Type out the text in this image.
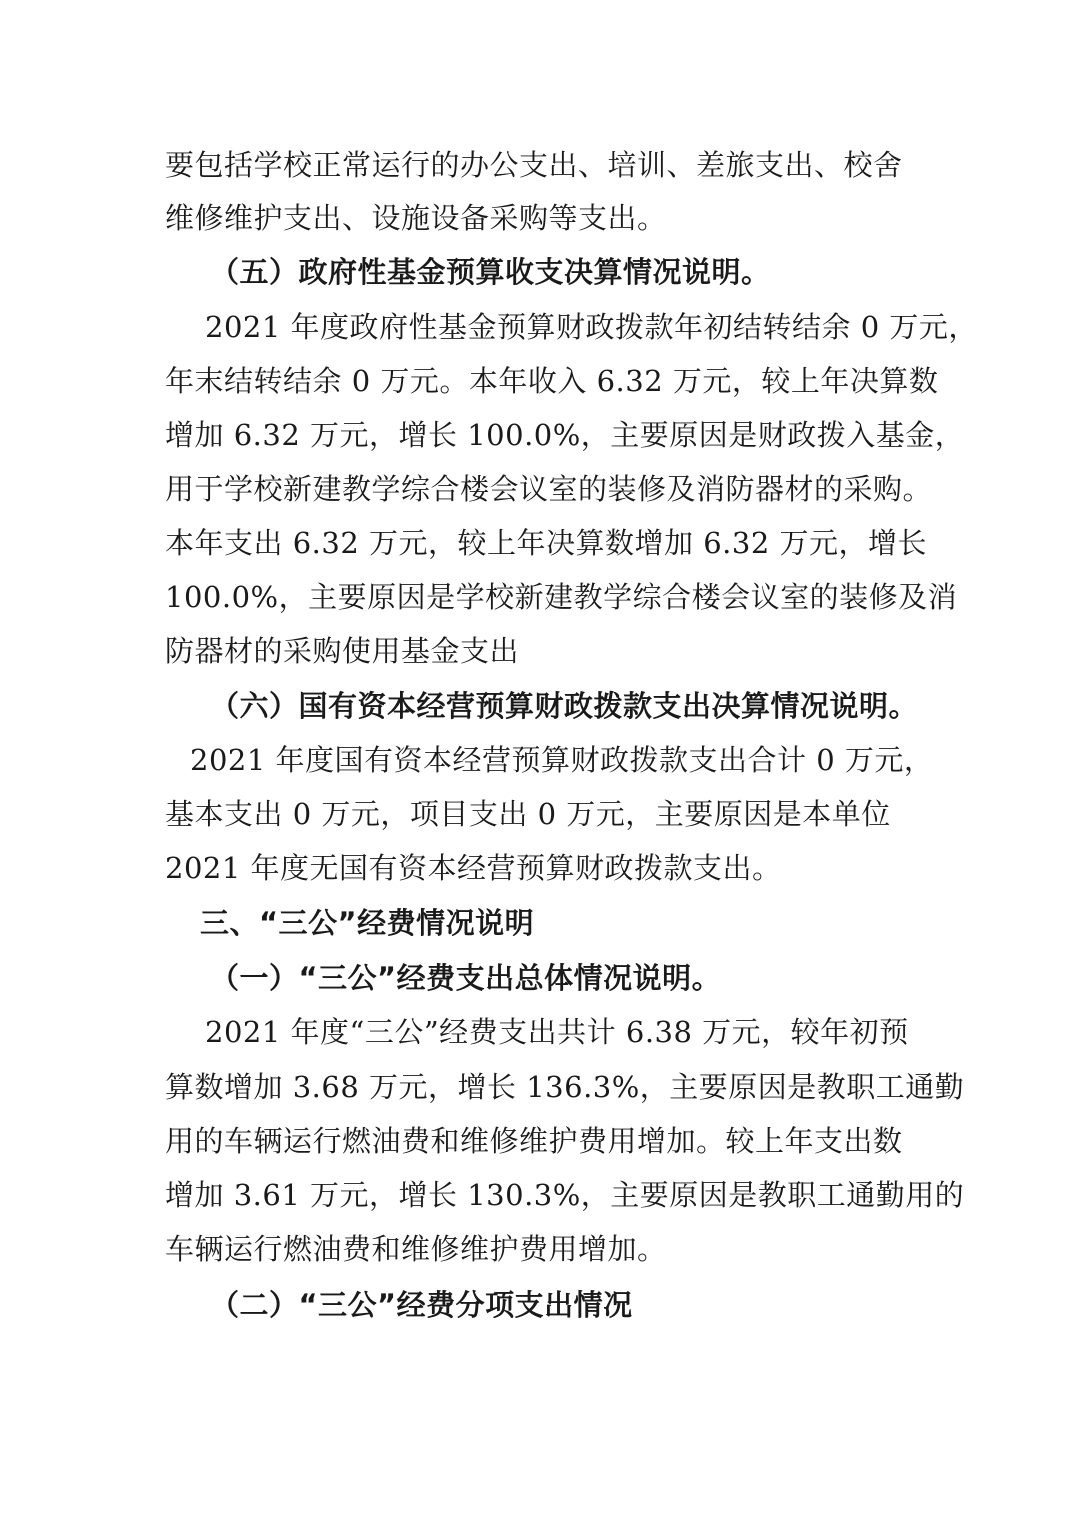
要包括学校正常运行的办公支出、培训、差旅支出、校舍
维修维护支出、设施设备采购等支出。
（五）政府性基金预算收支决算情况说明。
2021 年度政府性基金预算财政拨款年初结转结余 0 万元，
年末结转结余 0 万元。本年收入 6.32 万元，较上年决算数
增加 6.32 万元，增长 100.0%，主要原因是财政拨入基金，
用于学校新建教学综合楼会议室的装修及消防器材的采购。
本年支出 6.32 万元，较上年决算数增加 6.32 万元，增长
100.0%，主要原因是学校新建教学综合楼会议室的装修及消
防器材的采购使用基金支出
（六）国有资本经营预算财政拨款支出决算情况说明。
2021 年度国有资本经营预算财政拨款支出合计 0 万元，
基本支出 0 万元，项目支出 0 万元，主要原因是本单位
2021 年度无国有资本经营预算财政拨款支出。
三、“三公”经费情况说明
（一）“三公”经费支出总体情况说明。
2021 年度“三公”经费支出共计 6.38 万元，较年初预
算数增加 3.68 万元，增长 136.3%，主要原因是教职工通勤
用的车辆运行燃油费和维修维护费用增加。较上年支出数
增加 3.61 万元，增长 130.3%，主要原因是教职工通勤用的
车辆运行燃油费和维修维护费用增加。
（二）“三公”经费分项支出情况
